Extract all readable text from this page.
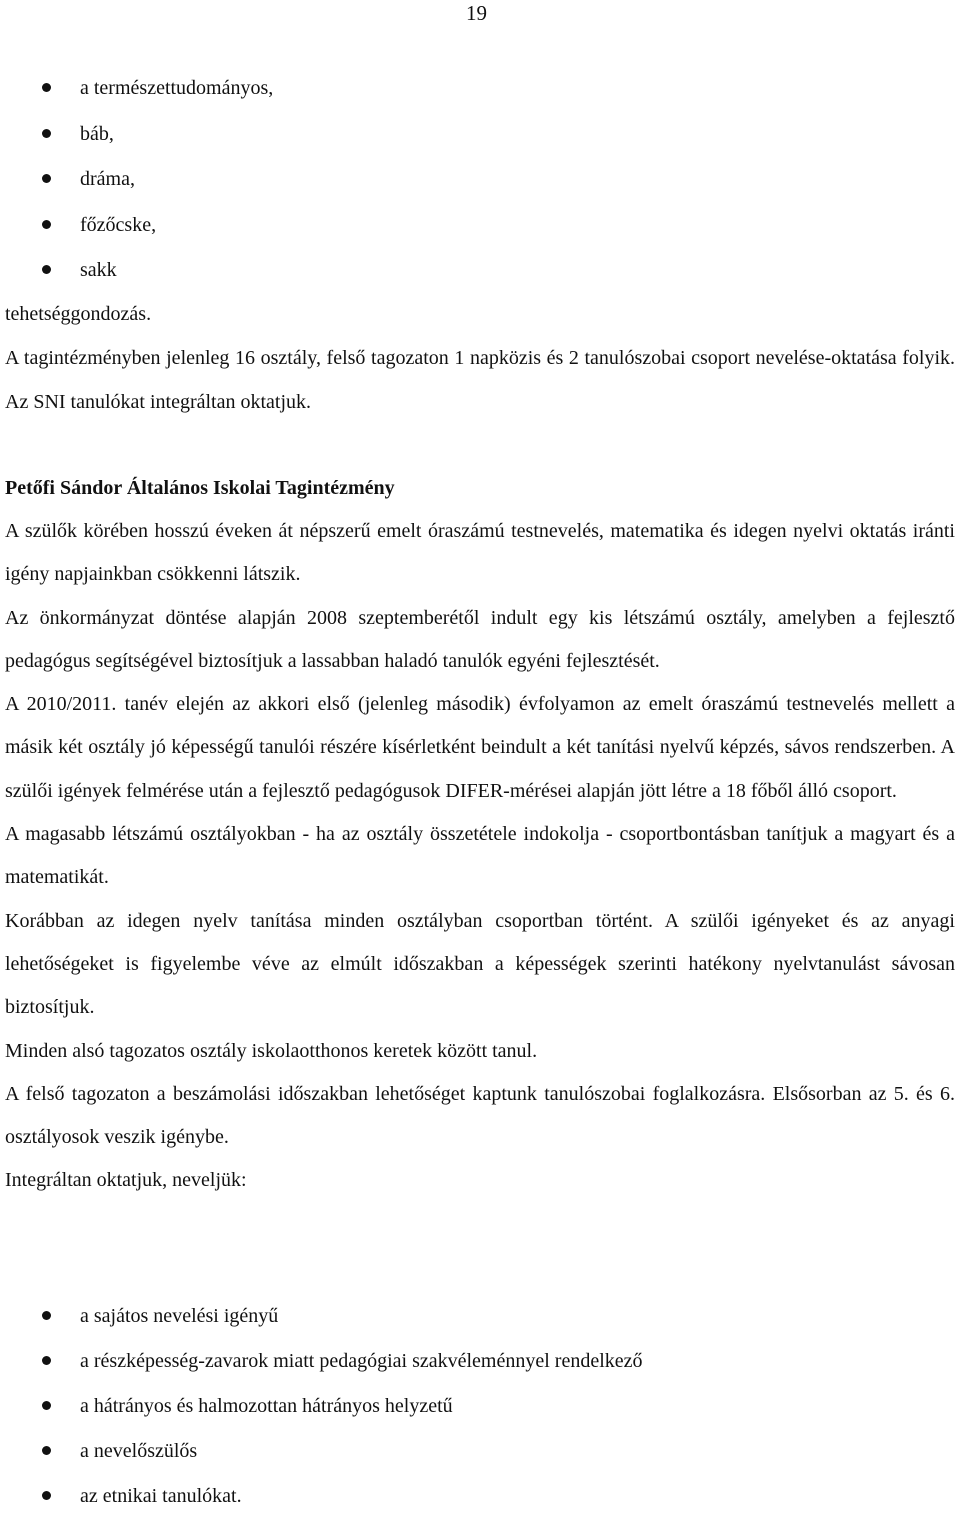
19
a természettudományos,
báb,
dráma,
főzőcske,
sakk
tehetséggondozás.
A tagintézményben jelenleg 16 osztály, felső tagozaton 1 napközis és 2 tanulószobai csoport nevelése-oktatása folyik. Az SNI tanulókat integráltan oktatjuk.
Petőfi Sándor Általános Iskolai Tagintézmény

A szülők körében hosszú éveken át népszerű emelt óraszámú testnevelés, matematika és idegen nyelvi oktatás iránti igény napjainkban csökkenni látszik.

Az önkormányzat döntése alapján 2008 szeptemberétől indult egy kis létszámú osztály, amelyben a fejlesztő pedagógus segítségével biztosítjuk a lassabban haladó tanulók egyéni fejlesztését.

A 2010/2011. tanév elején az akkori első (jelenleg második) évfolyamon az emelt óraszámú testnevelés mellett a másik két osztály jó képességű tanulói részére kísérletként beindult a két tanítási nyelvű képzés, sávos rendszerben. A szülői igények felmérése után a fejlesztő pedagógusok DIFER-mérései alapján jött létre a 18 főből álló csoport.

A magasabb létszámú osztályokban - ha az osztály összetétele indokolja - csoportbontásban tanítjuk a magyart és a matematikát.

Korábban az idegen nyelv tanítása minden osztályban csoportban történt. A szülői igényeket és az anyagi lehetőségeket is figyelembe véve az elmúlt időszakban a képességek szerinti hatékony nyelvtanulást sávosan biztosítjuk.

Minden alsó tagozatos osztály iskolaotthonos keretek között tanul.

A felső tagozaton a beszámolási időszakban lehetőséget kaptunk tanulószobai foglalkozásra. Elsősorban az 5. és 6. osztályosok veszik igénybe.

Integráltan oktatjuk, neveljük:

a sajátos nevelési igényű
a részképesség-zavarok miatt pedagógiai szakvéleménnyel rendelkező
a hátrányos és halmozottan hátrányos helyzetű
a nevelőszülős
az etnikai tanulókat.
